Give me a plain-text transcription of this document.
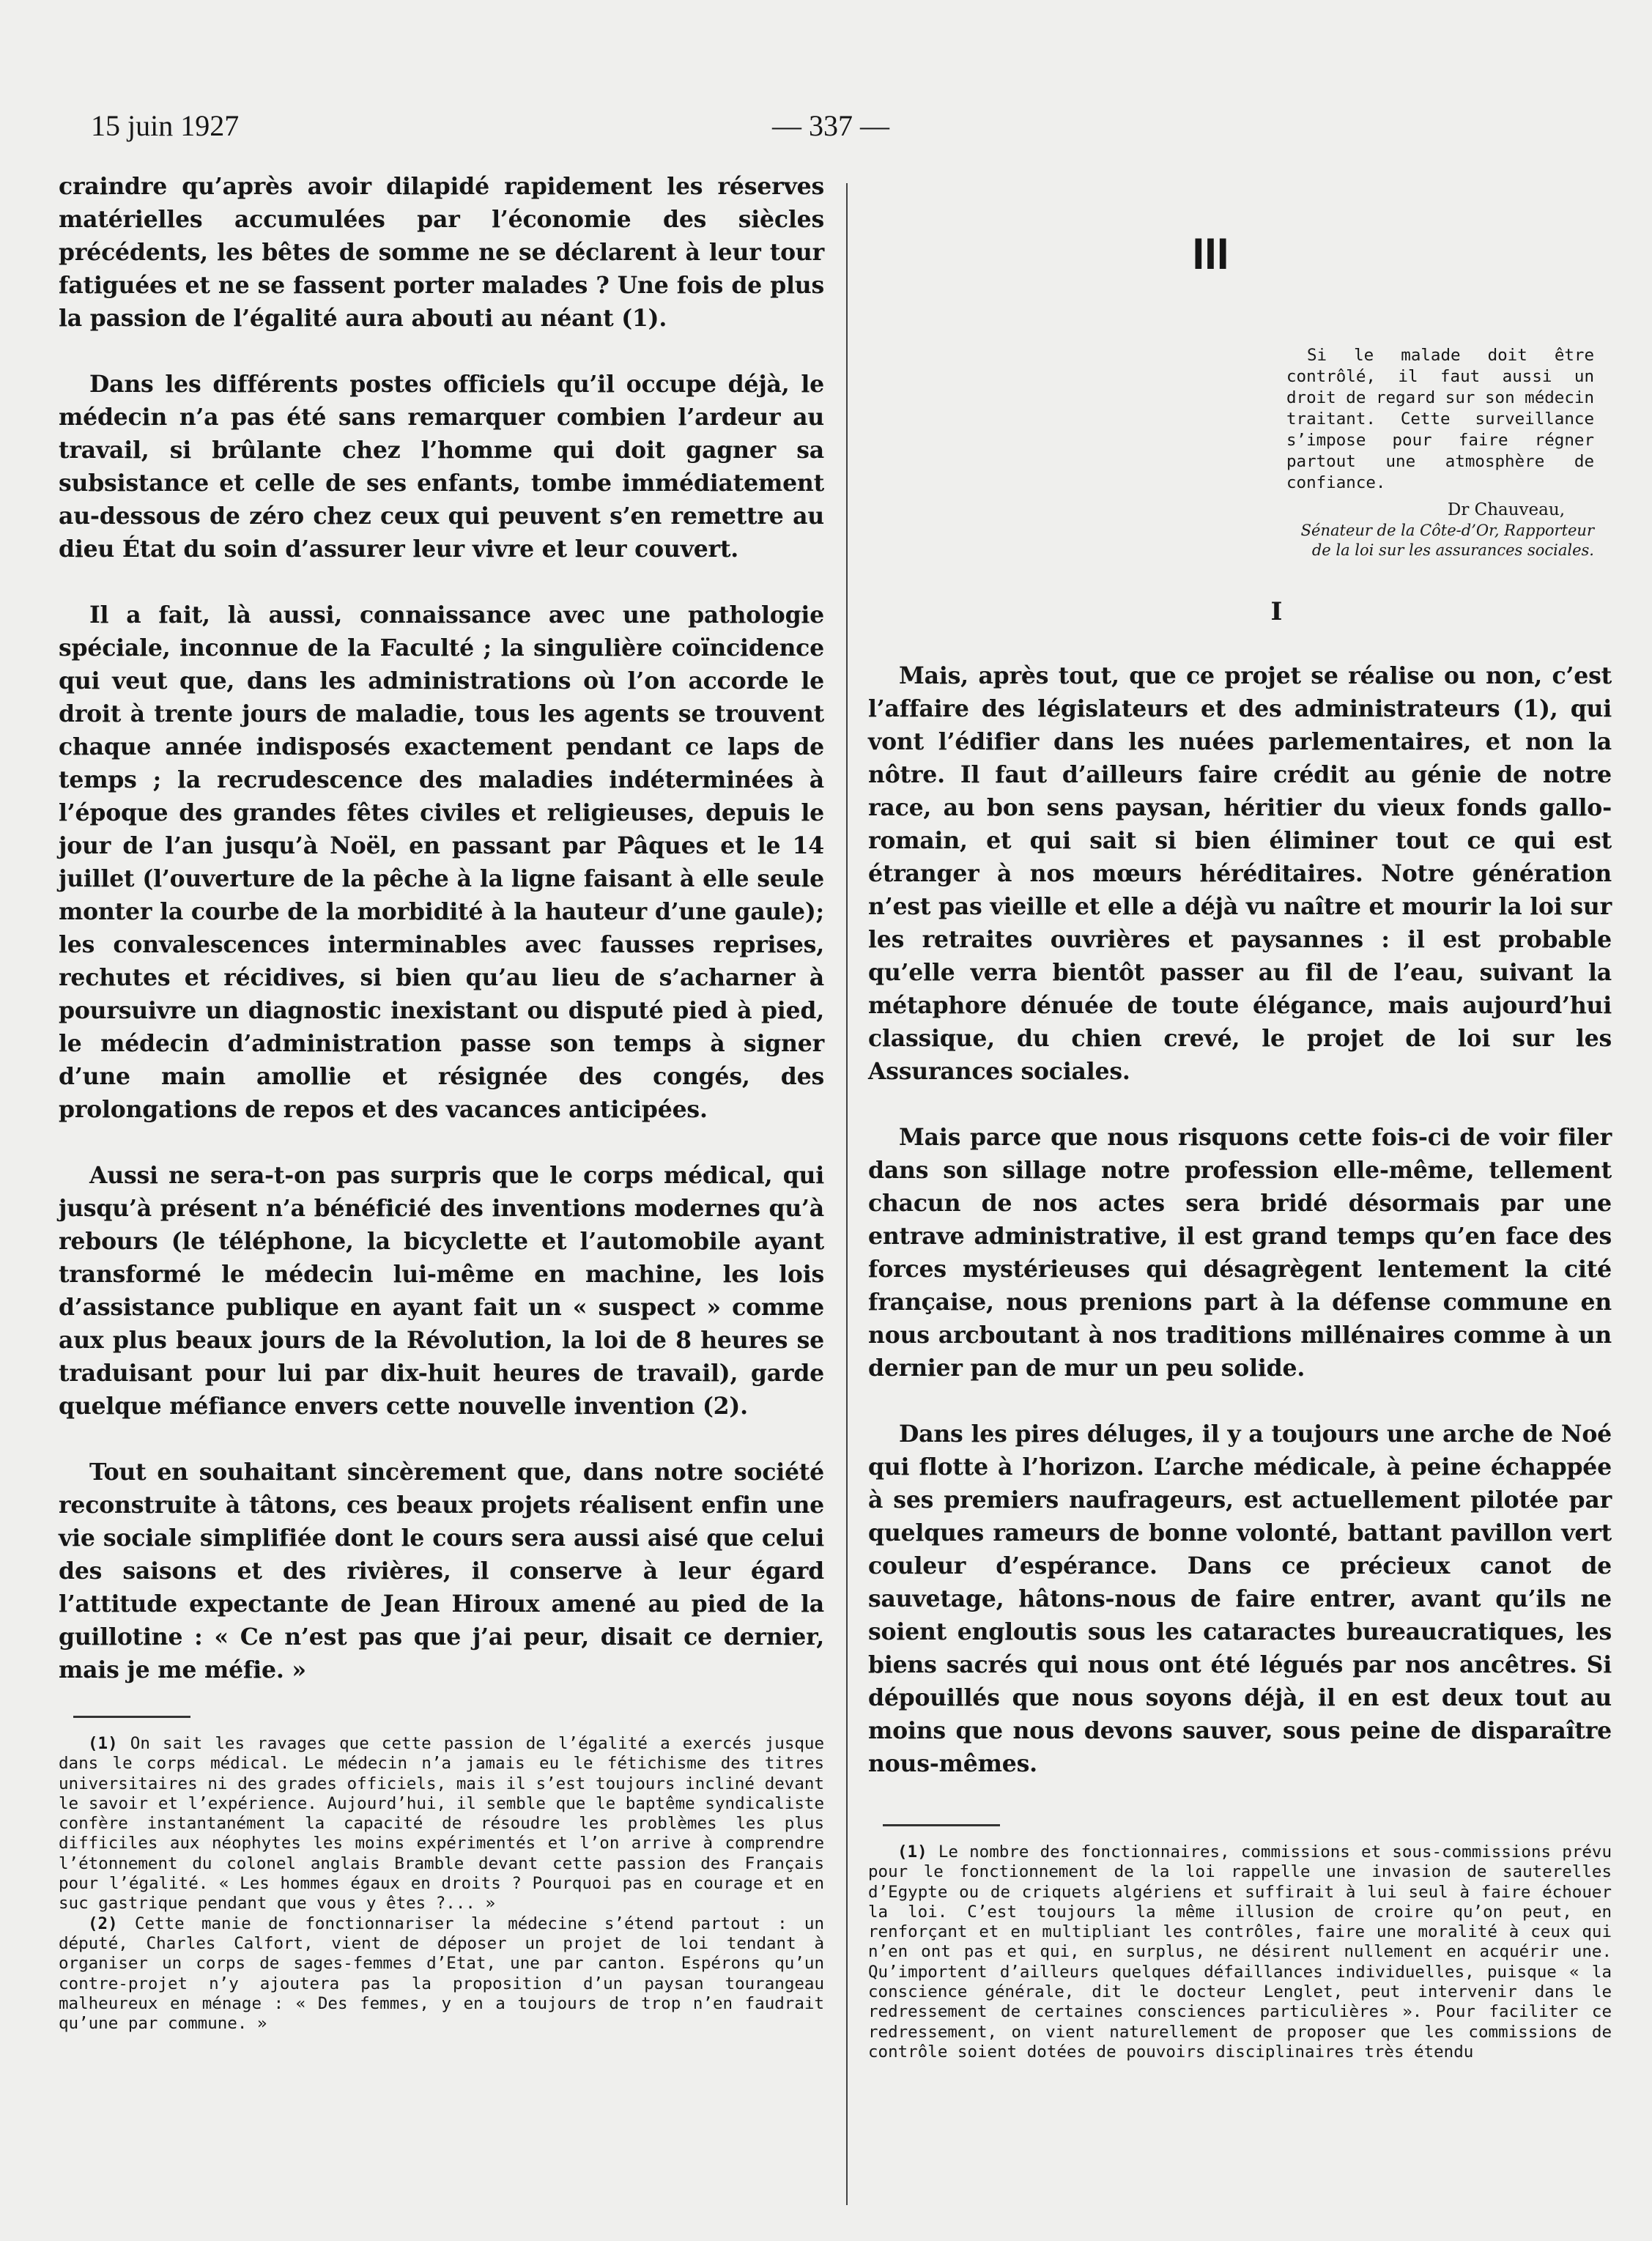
15 juin 1927	— 337 —

craindre qu’après avoir dilapidé rapidement les réserves matérielles accumulées par l’économie des siècles précédents, les bêtes de somme ne se déclarent à leur tour fatiguées et ne se fassent porter malades ? Une fois de plus la passion de l’égalité aura abouti au néant (1).

Dans les différents postes officiels qu’il occupe déjà, le médecin n’a pas été sans remarquer combien l’ardeur au travail, si brûlante chez l’homme qui doit gagner sa subsistance et celle de ses enfants, tombe immédiatement au-dessous de zéro chez ceux qui peuvent s’en remettre au dieu État du soin d’assurer leur vivre et leur couvert.

Il a fait, là aussi, connaissance avec une pathologie spéciale, inconnue de la Faculté ; la singulière coïncidence qui veut que, dans les administrations où l’on accorde le droit à trente jours de maladie, tous les agents se trouvent chaque année indisposés exactement pendant ce laps de temps ; la recrudescence des maladies indéterminées à l’époque des grandes fêtes civiles et religieuses, depuis le jour de l’an jusqu’à Noël, en passant par Pâques et le 14 juillet (l’ouverture de la pêche à la ligne faisant à elle seule monter la courbe de la morbidité à la hauteur d’une gaule); les convalescences interminables avec fausses reprises, rechutes et récidives, si bien qu’au lieu de s’acharner à poursuivre un diagnostic inexistant ou disputé pied à pied, le médecin d’administration passe son temps à signer d’une main amollie et résignée des congés, des prolongations de repos et des vacances anticipées.

Aussi ne sera-t-on pas surpris que le corps médical, qui jusqu’à présent n’a bénéficié des inventions modernes qu’à rebours (le téléphone, la bicyclette et l’automobile ayant transformé le médecin lui-même en machine, les lois d’assistance publique en ayant fait un « suspect » comme aux plus beaux jours de la Révolution, la loi de 8 heures se traduisant pour lui par dix-huit heures de travail), garde quelque méfiance envers cette nouvelle invention (2).

Tout en souhaitant sincèrement que, dans notre société reconstruite à tâtons, ces beaux projets réalisent enfin une vie sociale simplifiée dont le cours sera aussi aisé que celui des saisons et des rivières, il conserve à leur égard l’attitude expectante de Jean Hiroux amené au pied de la guillotine : « Ce n’est pas que j’ai peur, disait ce dernier, mais je me méfie. »

(1) On sait les ravages que cette passion de l’égalité a exercés jusque dans le corps médical. Le médecin n’a jamais eu le fétichisme des titres universitaires ni des grades officiels, mais il s’est toujours incliné devant le savoir et l’expérience. Aujourd’hui, il semble que le baptême syndicaliste confère instantanément la capacité de résoudre les problèmes les plus difficiles aux néophytes les moins expérimentés et l’on arrive à comprendre l’étonnement du colonel anglais Bramble devant cette passion des Français pour l’égalité. « Les hommes égaux en droits ? Pourquoi pas en courage et en suc gastrique pendant que vous y êtes ?... »

(2) Cette manie de fonctionnariser la médecine s’étend partout : un député, Charles Calfort, vient de déposer un projet de loi tendant à organiser un corps de sages-femmes d’Etat, une par canton. Espérons qu’un contre-projet n’y ajoutera pas la proposition d’un paysan tourangeau malheureux en ménage : « Des femmes, y en a toujours de trop n’en faudrait qu’une par commune. »

III

Si le malade doit être contrôlé, il faut aussi un droit de regard sur son médecin traitant. Cette surveillance s’impose pour faire régner partout une atmosphère de confiance.

Dr Chauveau,
Sénateur de la Côte-d’Or, Rapporteur de la loi sur les assurances sociales.
I

Mais, après tout, que ce projet se réalise ou non, c’est l’affaire des législateurs et des administrateurs (1), qui vont l’édifier dans les nuées parlementaires, et non la nôtre. Il faut d’ailleurs faire crédit au génie de notre race, au bon sens paysan, héritier du vieux fonds gallo-romain, et qui sait si bien éliminer tout ce qui est étranger à nos mœurs héréditaires. Notre génération n’est pas vieille et elle a déjà vu naître et mourir la loi sur les retraites ouvrières et paysannes : il est probable qu’elle verra bientôt passer au fil de l’eau, suivant la métaphore dénuée de toute élégance, mais aujourd’hui classique, du chien crevé, le projet de loi sur les Assurances sociales.

Mais parce que nous risquons cette fois-ci de voir filer dans son sillage notre profession elle-même, tellement chacun de nos actes sera bridé désormais par une entrave administrative, il est grand temps qu’en face des forces mystérieuses qui désagrègent lentement la cité française, nous prenions part à la défense commune en nous arcboutant à nos traditions millénaires comme à un dernier pan de mur un peu solide.

Dans les pires déluges, il y a toujours une arche de Noé qui flotte à l’horizon. L’arche médicale, à peine échappée à ses premiers naufrageurs, est actuellement pilotée par quelques rameurs de bonne volonté, battant pavillon vert couleur d’espérance. Dans ce précieux canot de sauvetage, hâtons-nous de faire entrer, avant qu’ils ne soient engloutis sous les cataractes bureaucratiques, les biens sacrés qui nous ont été légués par nos ancêtres. Si dépouillés que nous soyons déjà, il en est deux tout au moins que nous devons sauver, sous peine de disparaître nous-mêmes.

(1) Le nombre des fonctionnaires, commissions et sous-commissions prévu pour le fonctionnement de la loi rappelle une invasion de sauterelles d’Egypte ou de criquets algériens et suffirait à lui seul à faire échouer la loi. C’est toujours la même illusion de croire qu’on peut, en renforçant et en multipliant les contrôles, faire une moralité à ceux qui n’en ont pas et qui, en surplus, ne désirent nullement en acquérir une. Qu’importent d’ailleurs quelques défaillances individuelles, puisque « la conscience générale, dit le docteur Lenglet, peut intervenir dans le redressement de certaines consciences particulières ». Pour faciliter ce redressement, on vient naturellement de proposer que les commissions de contrôle soient dotées de pouvoirs disciplinaires très étendu
